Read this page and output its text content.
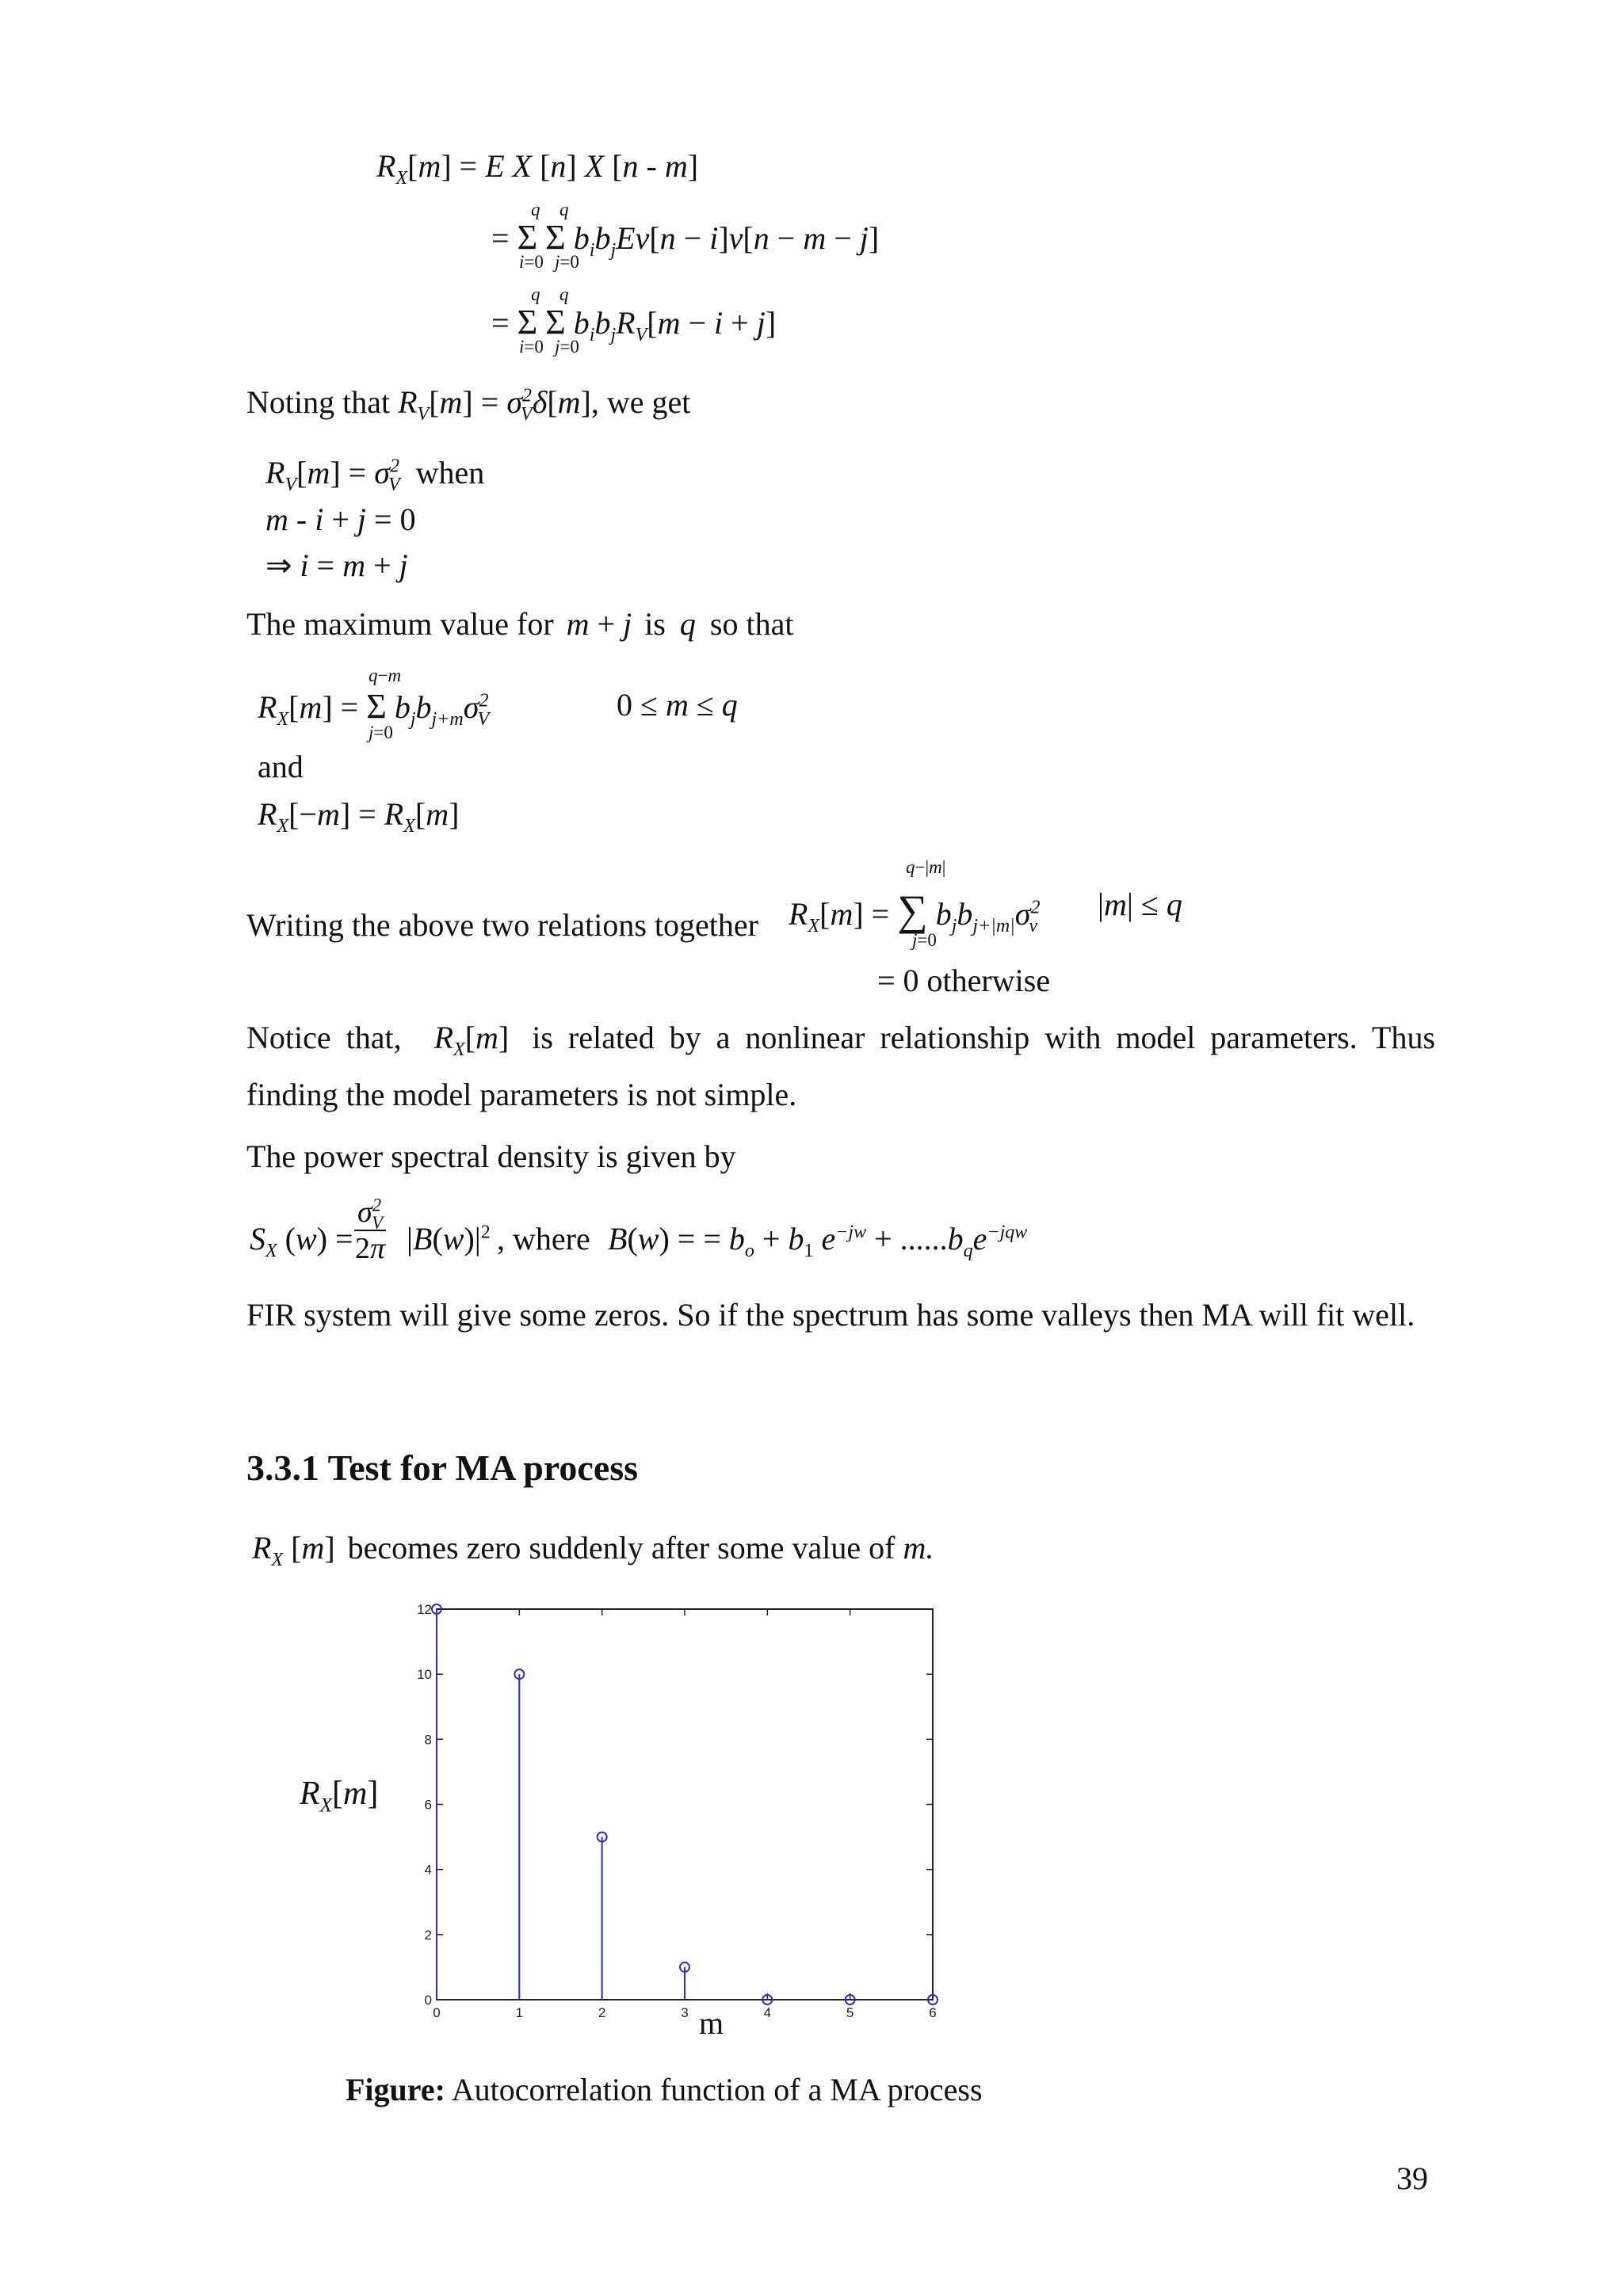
$R_X[m] = E$ X [n] X [n - m]
q q
= Σ Σ $b_ib_jEv[n - i]v[n - m - j]$
i=0 j=0
q q
= Σ Σ $b_ib_jR_V[m - i + j]$
i=0 j=0
Noting that $R_V[m] = \sigma^2_V\delta[m]$, we get
$R_V[m] = \sigma^2_V$ when
m - i + j = 0
⇒ i = m + j
The maximum value for m + j is q so that
q−m
$R_X[m] = \Sigma$ $b_jb_{j+m}\sigma^2_V$
j=0
0 ≤ m ≤ q
and
$R_X[-m] = R_X[m]$
Writing the above two relations together
q−|m|
$R_X[m]$ = ∑ $b_jb_{j+|m|}\sigma^2_v$
j=0
|m| ≤ q
= 0 otherwise
Notice that, $R_X[m]$ is related by a nonlinear relationship with model parameters. Thus finding the model parameters is not simple.
The power spectral density is given by
$S_X$ $(w) = \frac{\sigma^2_V}{2\pi} |B(w)|^2$ , where B(w) = = $b_o + b_1$ $e^{-jw} + ......b_qe^{-jqw}$
FIR system will give some zeros. So if the spectrum has some valleys then MA will fit well.
3.3.1 Test for MA process
$R_X$ [m] becomes zero suddenly after some value of m.
0
2
4
6
8
10
12
0	1	2	3	4	5	6
$R_X[m]$
m
Figure: Autocorrelation function of a MA process
39
